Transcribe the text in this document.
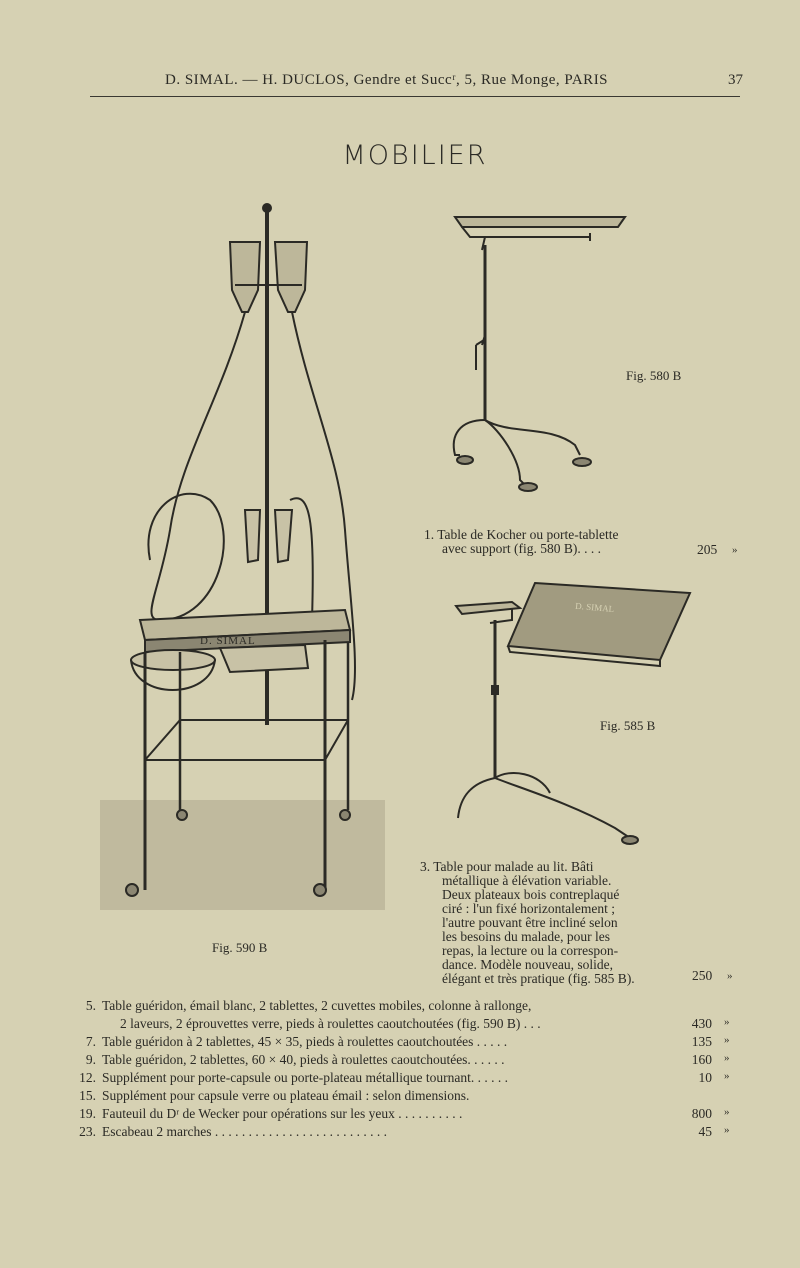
D. SIMAL. — H. DUCLOS, Gendre et Succʳ, 5, Rue Monge, PARIS	37
MOBILIER
Fig. 580 B
1. Table de Kocher ou porte-tablette
avec support (fig. 580 B). . . .	205 »
D. SIMAL
Fig. 585 B
D. SIMAL
Fig. 590 B
3. Table pour malade au lit. Bâti
métallique à élévation variable.
Deux plateaux bois contreplaqué
ciré : l'un fixé horizontalement ;
l'autre pouvant être incliné selon
les besoins du malade, pour les
repas, la lecture ou la correspon-
dance. Modèle nouveau, solide,
élégant et très pratique (fig. 585 B).	250 »
5. Table guéridon, émail blanc, 2 tablettes, 2 cuvettes mobiles, colonne à rallonge,
2 laveurs, 2 éprouvettes verre, pieds à roulettes caoutchoutées (fig. 590 B) . . .	430 »
7. Table guéridon à 2 tablettes, 45 × 35, pieds à roulettes caoutchoutées . . . . .	135 »
9. Table guéridon, 2 tablettes, 60 × 40, pieds à roulettes caoutchoutées. . . . . .	160 »
12. Supplément pour porte-capsule ou porte-plateau métallique tournant. . . . . .	10 »
15. Supplément pour capsule verre ou plateau émail : selon dimensions.
19. Fauteuil du Dʳ de Wecker pour opérations sur les yeux . . . . . . . . . .	800 »
23. Escabeau 2 marches . . . . . . . . . . . . . . . . . . . . . . . . . .	45 »
